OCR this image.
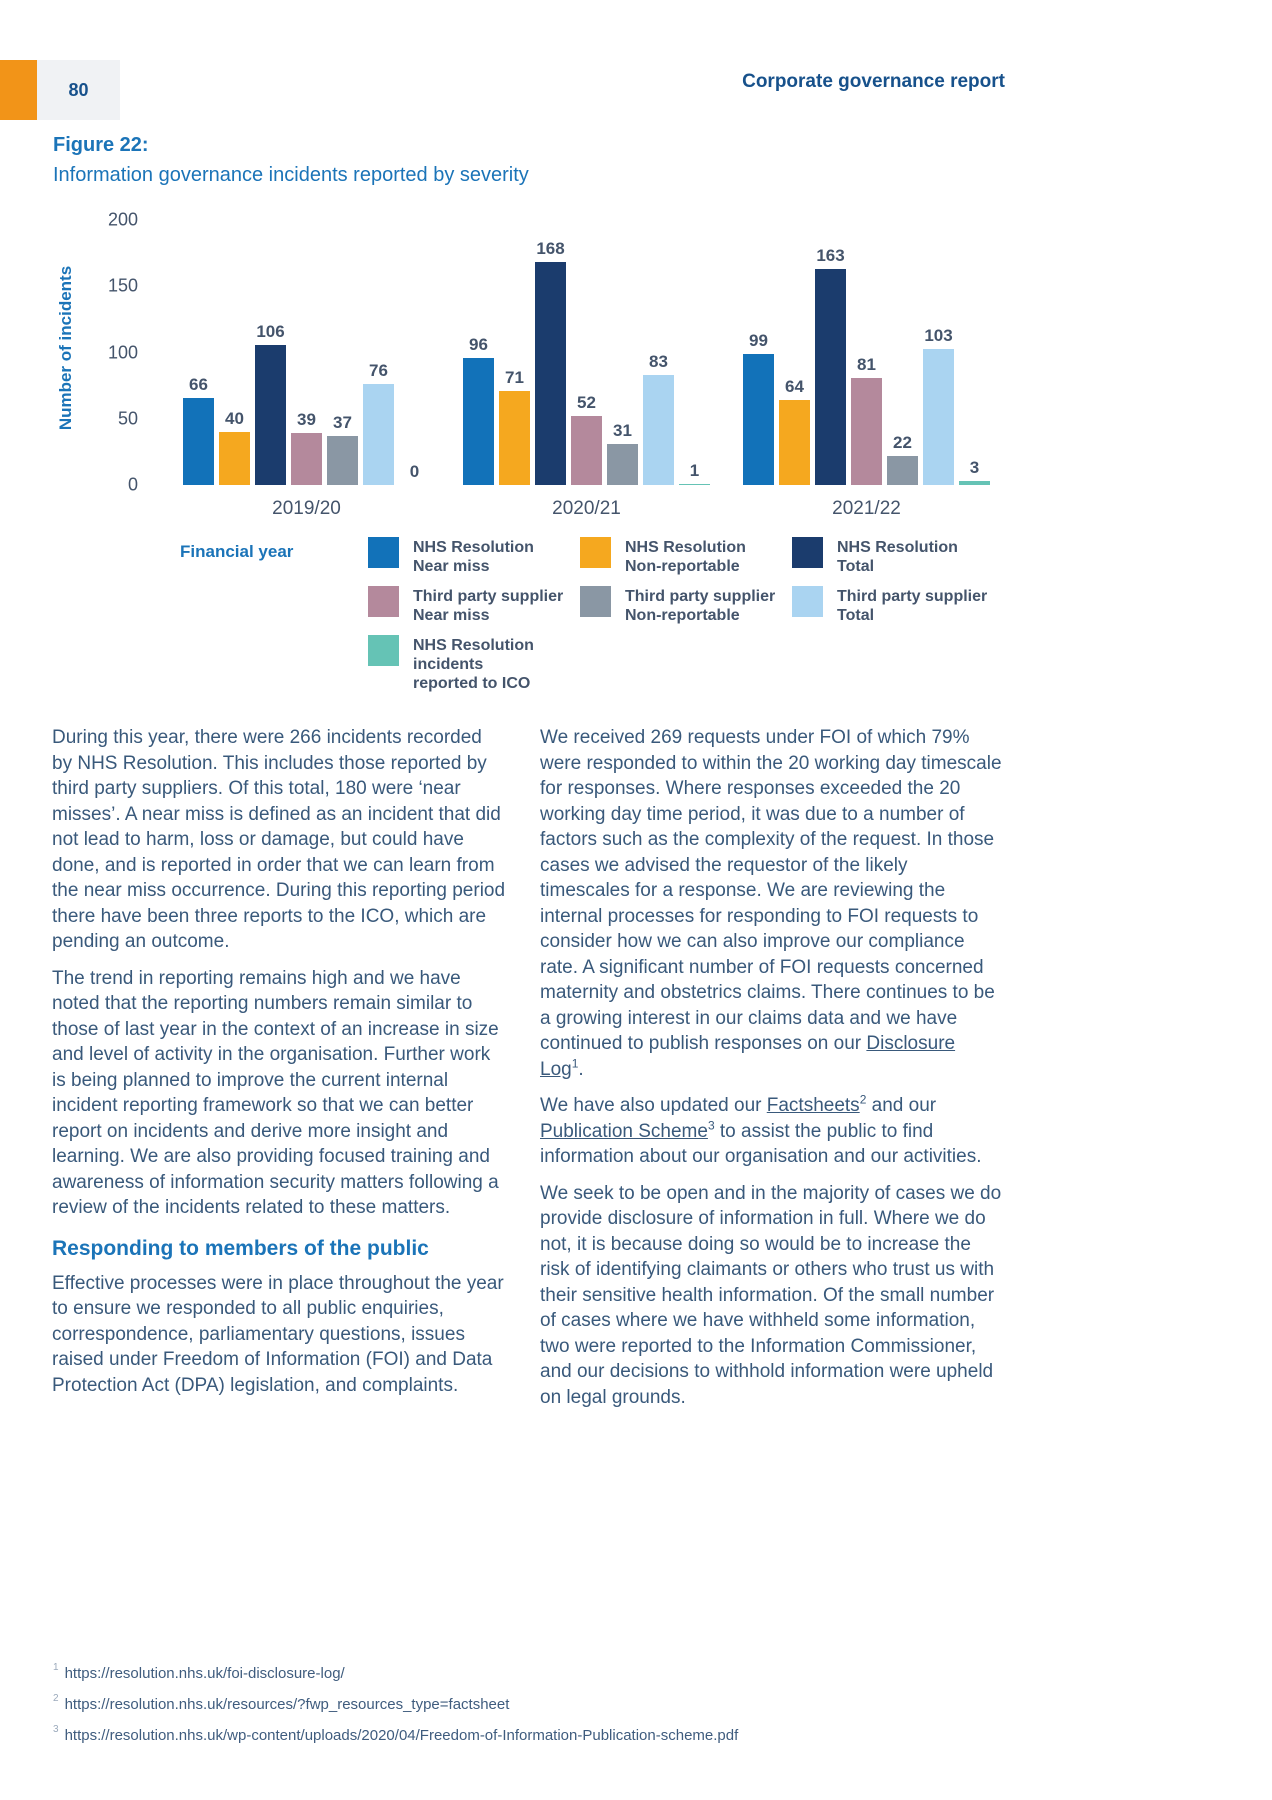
80	Corporate governance report
Figure 22:
Information governance incidents reported by severity
Number of incidents
200
150
100
50
0
66
40
106
39 37
76
0
2019/20
96
71
168
52
31
83
1
2020/21
99
64
163
81
22
103
3
2021/22
Financial year	NHS Resolution
Near miss
NHS Resolution
Non-reportable
NHS Resolution
Total
Third party supplier
Near miss
Third party supplier
Non-reportable
Third party supplier
Total
NHS Resolution incidents
reported to ICO

During this year, there were 266 incidents recorded by NHS Resolution. This includes those reported by third party suppliers. Of this total, 180 were ‘near misses’. A near miss is defined as an incident that did not lead to harm, loss or damage, but could have done, and is reported in order that we can learn from the near miss occurrence. During this reporting period there have been three reports to the ICO, which are pending an outcome.

The trend in reporting remains high and we have noted that the reporting numbers remain similar to those of last year in the context of an increase in size and level of activity in the organisation. Further work is being planned to improve the current internal incident reporting framework so that we can better report on incidents and derive more insight and learning. We are also providing focused training and awareness of information security matters following a review of the incidents related to these matters.

Responding to members of the public

Effective processes were in place throughout the year to ensure we responded to all public enquiries, correspondence, parliamentary questions, issues raised under Freedom of Information (FOI) and Data Protection Act (DPA) legislation, and complaints.

We received 269 requests under FOI of which 79% were responded to within the 20 working day timescale for responses. Where responses exceeded the 20 working day time period, it was due to a number of factors such as the complexity of the request. In those cases we advised the requestor of the likely timescales for a response. We are reviewing the internal processes for responding to FOI requests to consider how we can also improve our compliance rate. A significant number of FOI requests concerned maternity and obstetrics claims. There continues to be a growing interest in our claims data and we have continued to publish responses on our Disclosure Log$^1$.

We have also updated our Factsheets$^2$ and our Publication Scheme$^3$ to assist the public to find information about our organisation and our activities.

We seek to be open and in the majority of cases we do provide disclosure of information in full. Where we do not, it is because doing so would be to increase the risk of identifying claimants or others who trust us with their sensitive health information. Of the small number of cases where we have withheld some information, two were reported to the Information Commissioner, and our decisions to withhold information were upheld on legal grounds.

$^1$ https://resolution.nhs.uk/foi-disclosure-log/
$^2$ https://resolution.nhs.uk/resources/?fwp_resources_type=factsheet
$^3$ https://resolution.nhs.uk/wp-content/uploads/2020/04/Freedom-of-Information-Publication-scheme.pdf
